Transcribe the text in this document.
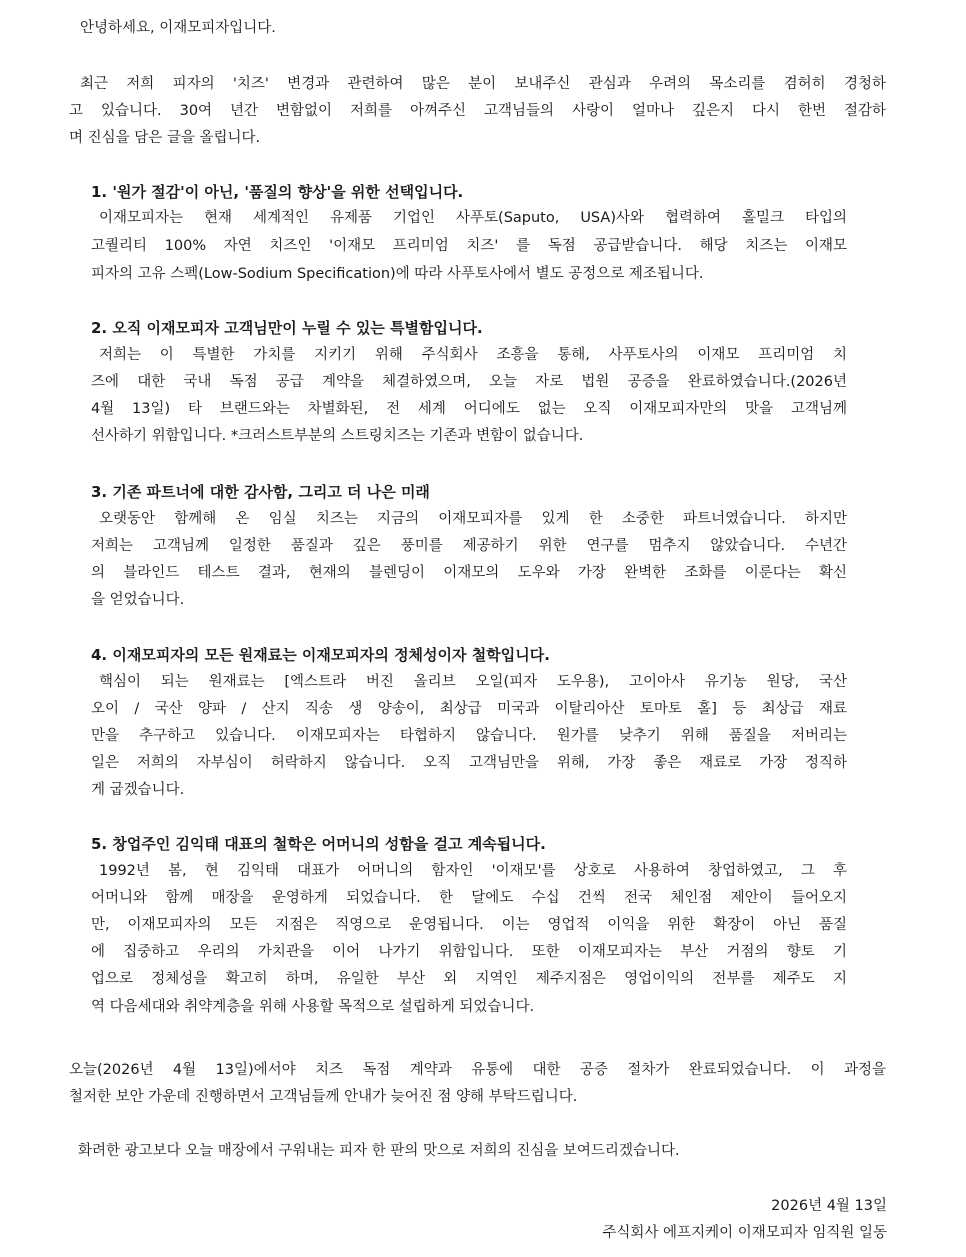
안녕하세요, 이재모피자입니다.
최근 저희 피자의 '치즈' 변경과 관련하여 많은 분이 보내주신 관심과 우려의 목소리를 겸허히 경청하
고 있습니다. 30여 년간 변함없이 저희를 아껴주신 고객님들의 사랑이 얼마나 깊은지 다시 한번 절감하
며 진심을 담은 글을 올립니다.
1. '원가 절감'이 아닌, '품질의 향상'을 위한 선택입니다.
이재모피자는 현재 세계적인 유제품 기업인 사푸토(Saputo, USA)사와 협력하여 홀밀크 타입의
고퀄리티 100% 자연 치즈인 '이재모 프리미엄 치즈' 를 독점 공급받습니다. 해당 치즈는 이재모
피자의 고유 스펙(Low-Sodium Specification)에 따라 사푸토사에서 별도 공정으로 제조됩니다.
2. 오직 이재모피자 고객님만이 누릴 수 있는 특별함입니다.
저희는 이 특별한 가치를 지키기 위해 주식회사 조흥을 통해, 사푸토사의 이재모 프리미엄 치
즈에 대한 국내 독점 공급 계약을 체결하였으며, 오늘 자로 법원 공증을 완료하였습니다.(2026년
4월 13일) 타 브랜드와는 차별화된, 전 세계 어디에도 없는 오직 이재모피자만의 맛을 고객님께
선사하기 위함입니다. *크러스트부분의 스트링치즈는 기존과 변함이 없습니다.
3. 기존 파트너에 대한 감사함, 그리고 더 나은 미래
오랫동안 함께해 온 임실 치즈는 지금의 이재모피자를 있게 한 소중한 파트너였습니다. 하지만
저희는 고객님께 일정한 품질과 깊은 풍미를 제공하기 위한 연구를 멈추지 않았습니다. 수년간
의 블라인드 테스트 결과, 현재의 블렌딩이 이재모의 도우와 가장 완벽한 조화를 이룬다는 확신
을 얻었습니다.
4. 이재모피자의 모든 원재료는 이재모피자의 정체성이자 철학입니다.
핵심이 되는 원재료는 [엑스트라 버진 올리브 오일(피자 도우용), 고이아사 유기농 원당, 국산
오이 / 국산 양파 / 산지 직송 생 양송이, 최상급 미국과 이탈리아산 토마토 홀] 등 최상급 재료
만을 추구하고 있습니다. 이재모피자는 타협하지 않습니다. 원가를 낮추기 위해 품질을 저버리는
일은 저희의 자부심이 허락하지 않습니다. 오직 고객님만을 위해, 가장 좋은 재료로 가장 정직하
게 굽겠습니다.
5. 창업주인 김익태 대표의 철학은 어머니의 성함을 걸고 계속됩니다.
1992년 봄, 현 김익태 대표가 어머니의 함자인 '이재모'를 상호로 사용하여 창업하였고, 그 후
어머니와 함께 매장을 운영하게 되었습니다. 한 달에도 수십 건씩 전국 체인점 제안이 들어오지
만, 이재모피자의 모든 지점은 직영으로 운영됩니다. 이는 영업적 이익을 위한 확장이 아닌 품질
에 집중하고 우리의 가치관을 이어 나가기 위함입니다. 또한 이재모피자는 부산 거점의 향토 기
업으로 정체성을 확고히 하며, 유일한 부산 외 지역인 제주지점은 영업이익의 전부를 제주도 지
역 다음세대와 취약계층을 위해 사용할 목적으로 설립하게 되었습니다.
오늘(2026년 4월 13일)에서야 치즈 독점 계약과 유통에 대한 공증 절차가 완료되었습니다. 이 과정을
철저한 보안 가운데 진행하면서 고객님들께 안내가 늦어진 점 양해 부탁드립니다.
화려한 광고보다 오늘 매장에서 구워내는 피자 한 판의 맛으로 저희의 진심을 보여드리겠습니다.
2026년 4월 13일
주식회사 에프지케이 이재모피자 임직원 일동
